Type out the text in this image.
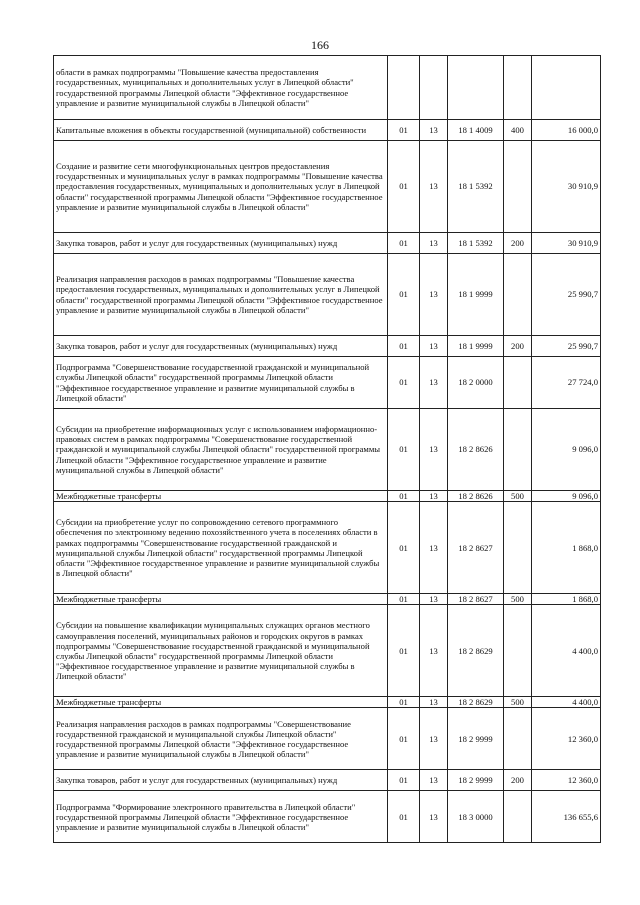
166
области в рамках подпрограммы "Повышение качества предоставления государственных, муниципальных и дополнительных услуг в Липецкой области" государственной программы Липецкой области "Эффективное государственное управление и развитие муниципальной службы в Липецкой области"					
Капитальные вложения в объекты государственной (муниципальной) собственности	01	13	18 1 4009	400	16 000,0
Создание и развитие сети многофункциональных центров предоставления государственных и муниципальных услуг в рамках подпрограммы "Повышение качества предоставления государственных, муниципальных и дополнительных услуг в Липецкой области" государственной программы Липецкой области "Эффективное государственное управление и развитие муниципальной службы в Липецкой области"	01	13	18 1 5392		30 910,9
Закупка товаров, работ и услуг для государственных (муниципальных) нужд	01	13	18 1 5392	200	30 910,9
Реализация направления расходов в рамках подпрограммы "Повышение качества предоставления государственных, муниципальных и дополнительных услуг в Липецкой области" государственной программы Липецкой области "Эффективное государственное управление и развитие муниципальной службы в Липецкой области"	01	13	18 1 9999		25 990,7
Закупка товаров, работ и услуг для государственных (муниципальных) нужд	01	13	18 1 9999	200	25 990,7
Подпрограмма "Совершенствование государственной гражданской и муниципальной службы Липецкой области" государственной программы Липецкой области "Эффективное государственное управление и развитие муниципальной службы в Липецкой области"	01	13	18 2 0000		27 724,0
Субсидии на приобретение информационных услуг с использованием информационно-правовых систем в рамках подпрограммы "Совершенствование государственной гражданской и муниципальной службы Липецкой области" государственной программы Липецкой области "Эффективное государственное управление и развитие муниципальной службы в Липецкой области"	01	13	18 2 8626		9 096,0
Межбюджетные трансферты	01	13	18 2 8626	500	9 096,0
Субсидии на приобретение услуг по сопровождению сетевого программного обеспечения по электронному ведению похозяйственного учета в поселениях области в рамках подпрограммы "Совершенствование государственной гражданской и муниципальной службы Липецкой области" государственной программы Липецкой области "Эффективное государственное управление и развитие муниципальной службы в Липецкой области"	01	13	18 2 8627		1 868,0
Межбюджетные трансферты	01	13	18 2 8627	500	1 868,0
Субсидии на повышение квалификации муниципальных служащих органов местного самоуправления поселений, муниципальных районов и городских округов в рамках подпрограммы "Совершенствование государственной гражданской и муниципальной службы Липецкой области" государственной программы Липецкой области "Эффективное государственное управление и развитие муниципальной службы в Липецкой области"	01	13	18 2 8629		4 400,0
Межбюджетные трансферты	01	13	18 2 8629	500	4 400,0
Реализация направления расходов в рамках подпрограммы "Совершенствование государственной гражданской и муниципальной службы Липецкой области" государственной программы Липецкой области "Эффективное государственное управление и развитие муниципальной службы в Липецкой области"	01	13	18 2 9999		12 360,0
Закупка товаров, работ и услуг для государственных (муниципальных) нужд	01	13	18 2 9999	200	12 360,0
Подпрограмма "Формирование электронного правительства в Липецкой области" государственной программы Липецкой области "Эффективное государственное управление и развитие муниципальной службы в Липецкой области"	01	13	18 3 0000		136 655,6
